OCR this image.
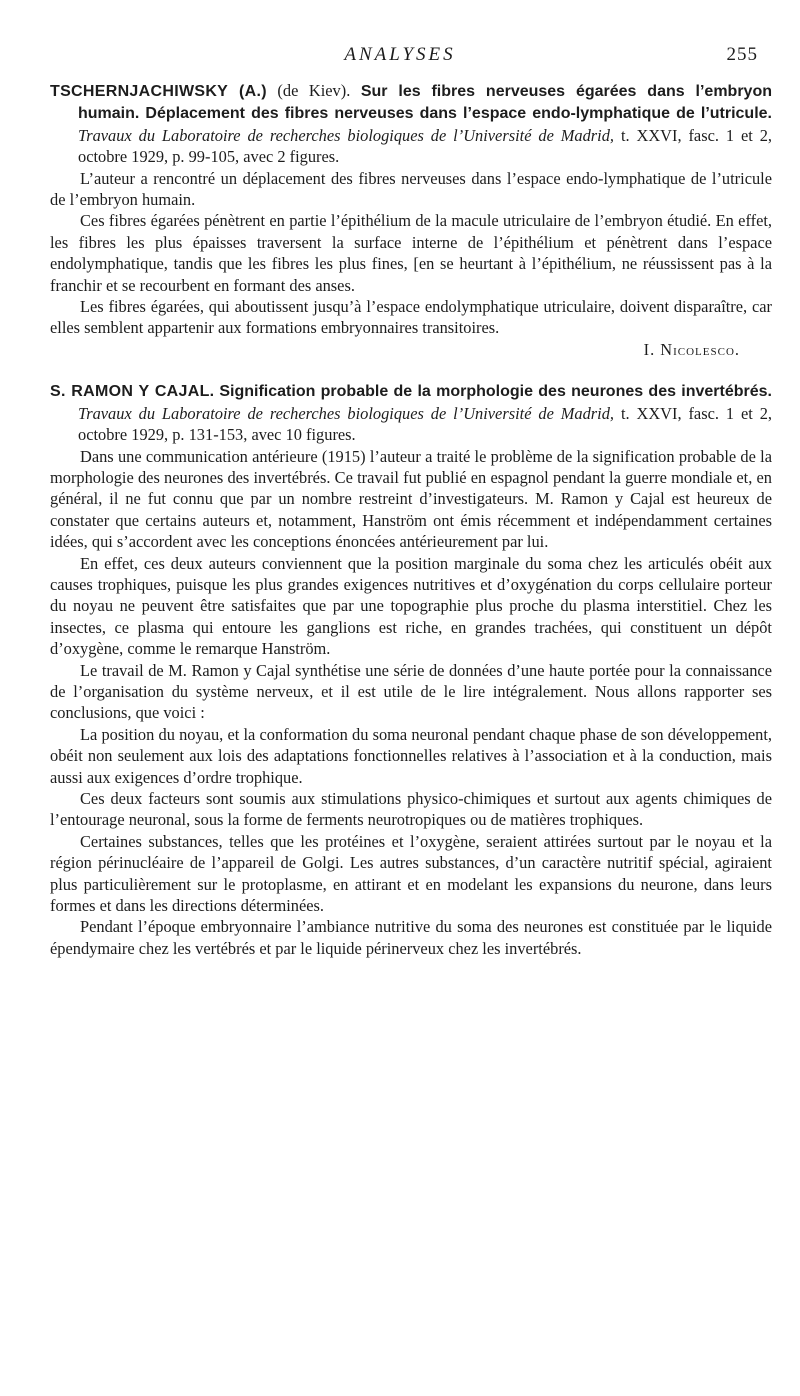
ANALYSES	255

TSCHERNJACHIWSKY (A.) (de Kiev). Sur les fibres nerveuses égarées dans l’embryon humain. Déplacement des fibres nerveuses dans l’espace endo-lymphatique de l’utricule. Travaux du Laboratoire de recherches biologiques de l’Université de Madrid, t. XXVI, fasc. 1 et 2, octobre 1929, p. 99-105, avec 2 figures.

L’auteur a rencontré un déplacement des fibres nerveuses dans l’espace endo-lymphatique de l’utricule de l’embryon humain.

Ces fibres égarées pénètrent en partie l’épithélium de la macule utriculaire de l’embryon étudié. En effet, les fibres les plus épaisses traversent la surface interne de l’épithélium et pénètrent dans l’espace endolymphatique, tandis que les fibres les plus fines, [en se heurtant à l’épithélium, ne réussissent pas à la franchir et se recourbent en formant des anses.

Les fibres égarées, qui aboutissent jusqu’à l’espace endolymphatique utriculaire, doivent disparaître, car elles semblent appartenir aux formations embryonnaires transitoires.

I. Nicolesco.

S. RAMON Y CAJAL. Signification probable de la morphologie des neurones des invertébrés. Travaux du Laboratoire de recherches biologiques de l’Université de Madrid, t. XXVI, fasc. 1 et 2, octobre 1929, p. 131-153, avec 10 figures.

Dans une communication antérieure (1915) l’auteur a traité le problème de la signification probable de la morphologie des neurones des invertébrés. Ce travail fut publié en espagnol pendant la guerre mondiale et, en général, il ne fut connu que par un nombre restreint d’investigateurs. M. Ramon y Cajal est heureux de constater que certains auteurs et, notamment, Hanström ont émis récemment et indépendamment certaines idées, qui s’accordent avec les conceptions énoncées antérieurement par lui.

En effet, ces deux auteurs conviennent que la position marginale du soma chez les articulés obéit aux causes trophiques, puisque les plus grandes exigences nutritives et d’oxygénation du corps cellulaire porteur du noyau ne peuvent être satisfaites que par une topographie plus proche du plasma interstitiel. Chez les insectes, ce plasma qui entoure les ganglions est riche, en grandes trachées, qui constituent un dépôt d’oxygène, comme le remarque Hanström.

Le travail de M. Ramon y Cajal synthétise une série de données d’une haute portée pour la connaissance de l’organisation du système nerveux, et il est utile de le lire intégralement. Nous allons rapporter ses conclusions, que voici :

La position du noyau, et la conformation du soma neuronal pendant chaque phase de son développement, obéit non seulement aux lois des adaptations fonctionnelles relatives à l’association et à la conduction, mais aussi aux exigences d’ordre trophique.

Ces deux facteurs sont soumis aux stimulations physico-chimiques et surtout aux agents chimiques de l’entourage neuronal, sous la forme de ferments neurotropiques ou de matières trophiques.

Certaines substances, telles que les protéines et l’oxygène, seraient attirées surtout par le noyau et la région périnucléaire de l’appareil de Golgi. Les autres substances, d’un caractère nutritif spécial, agiraient plus particulièrement sur le protoplasme, en attirant et en modelant les expansions du neurone, dans leurs formes et dans les directions déterminées.

Pendant l’époque embryonnaire l’ambiance nutritive du soma des neurones est constituée par le liquide épendymaire chez les vertébrés et par le liquide périnerveux chez les invertébrés.
